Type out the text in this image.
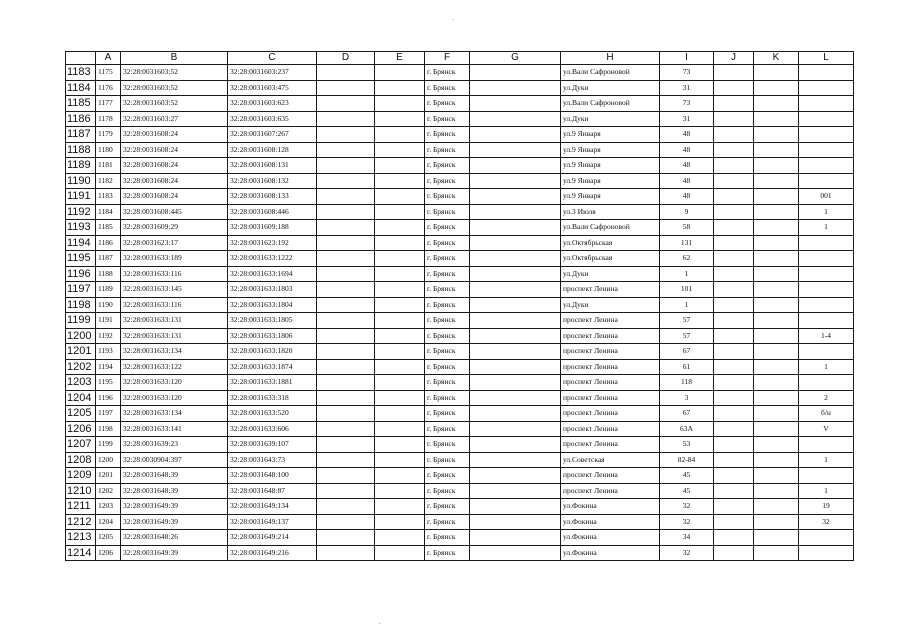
·
·
	A	B	C	D	E	F	G	H	I	J	K	L
1183	1175	32:28:0031603:52	32:28:0031603:237			г. Брянск		ул.Вали Сафроновой	73			
1184	1176	32:28:0031603:52	32:28:0031603:475			г. Брянск		ул.Дуки	31			
1185	1177	32:28:0031603:52	32:28:0031603:623			г. Брянск		ул.Вали Сафроновой	73			
1186	1178	32:28:0031603:27	32:28:0031603:635			г. Брянск		ул.Дуки	31			
1187	1179	32:28:0031608:24	32:28:0031607:267			г. Брянск		ул.9 Января	48			
1188	1180	32:28:0031608:24	32:28:0031608:128			г. Брянск		ул.9 Января	48			
1189	1181	32:28:0031608:24	32:28:0031608:131			г. Брянск		ул.9 Января	48			
1190	1182	32:28:0031608:24	32:28:0031608:132			г. Брянск		ул.9 Января	48			
1191	1183	32:28:0031608:24	32:28:0031608:133			г. Брянск		ул.9 Января	48			001
1192	1184	32:28:0031608:445	32:28:0031608:446			г. Брянск		ул.3 Июля	9			1
1193	1185	32:28:0031609:29	32:28:0031609:188			г. Брянск		ул.Вали Сафроновой	58			1
1194	1186	32:28:0031623:17	32:28:0031623:192			г. Брянск		ул.Октябрьская	131			
1195	1187	32:28:0031633:189	32:28:0031633:1222			г. Брянск		ул.Октябрьская	62			
1196	1188	32:28:0031633:116	32:28:0031633:1694			г. Брянск		ул.Дуки	1			
1197	1189	32:28:0031633:145	32:28:0031633:1803			г. Брянск		проспект Ленина	101			
1198	1190	32:28:0031633:116	32:28:0031633:1804			г. Брянск		ул.Дуки	1			
1199	1191	32:28:0031633:131	32:28:0031633:1805			г. Брянск		проспект Ленина	57			
1200	1192	32:28:0031633:131	32:28:0031633:1806			г. Брянск		проспект Ленина	57			1-4
1201	1193	32:28:0031633:134	32:28:0031633:1820			г. Брянск		проспект Ленина	67			
1202	1194	32:28:0031633:122	32:28:0031633:1874			г. Брянск		проспект Ленина	61			1
1203	1195	32:28:0031633:120	32:28:0031633:1881			г. Брянск		проспект Ленина	118			
1204	1196	32:28:0031633:120	32:28:0031633:318			г. Брянск		проспект Ленина	3			2
1205	1197	32:28:0031633:134	32:28:0031633:520			г. Брянск		проспект Ленина	67			б/н
1206	1198	32:28:0031633:141	32:28:0031633:606			г. Брянск		проспект Ленина	63А			V
1207	1199	32:28:0031639:23	32:28:0031639:107			г. Брянск		проспект Ленина	53			
1208	1200	32:28:0030904:397	32:28:0031643:73			г. Брянск		ул.Советская	82-84			1
1209	1201	32:28:0031648:39	32:28:0031648:100			г. Брянск		проспект Ленина	45			
1210	1202	32:28:0031648:39	32:28:0031648:87			г. Брянск		проспект Ленина	45			1
1211	1203	32:28:0031649:39	32:28:0031649:134			г. Брянск		ул.Фокина	32			19
1212	1204	32:28:0031649:39	32:28:0031649:137			г. Брянск		ул.Фокина	32			32
1213	1205	32:28:0031648:26	32:28:0031649:214			г. Брянск		ул.Фокина	34			
1214	1206	32:28:0031649:39	32:28:0031649:216			г. Брянск		ул.Фокина	32			
